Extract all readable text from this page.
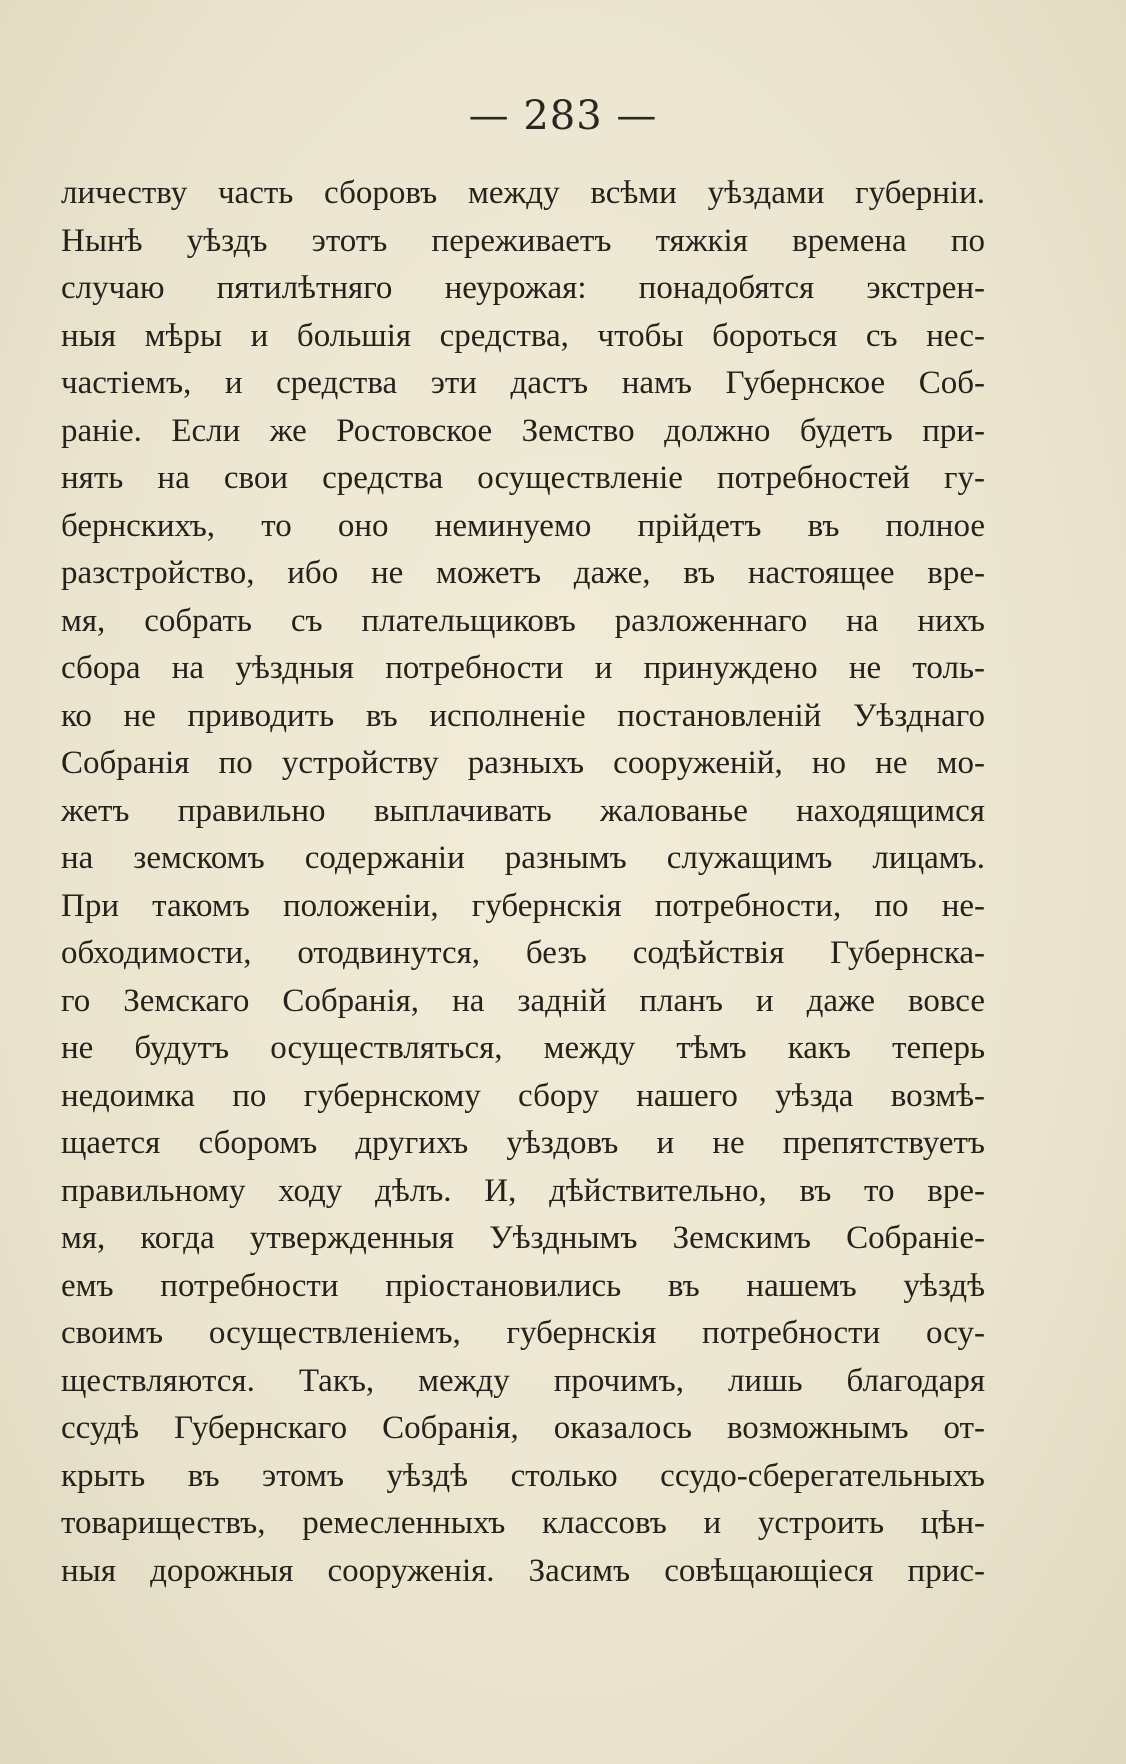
— 283 —
личеству часть сборовъ между всѣми уѣздами губерніи.
Нынѣ уѣздъ этотъ переживаетъ тяжкія времена по
случаю пятилѣтняго неурожая: понадобятся экстрен-
ныя мѣры и большія средства, чтобы бороться съ нес-
частіемъ, и средства эти дастъ намъ Губернское Соб-
раніе. Если же Ростовское Земство должно будетъ при-
нять на свои средства осуществленіе потребностей гу-
бернскихъ, то оно неминуемо прійдетъ въ полное
разстройство, ибо не можетъ даже, въ настоящее вре-
мя, собрать съ плательщиковъ разложеннаго на нихъ
сбора на уѣздныя потребности и принуждено не толь-
ко не приводить въ исполненіе постановленій Уѣзднаго
Собранія по устройству разныхъ сооруженій, но не мо-
жетъ правильно выплачивать жалованье находящимся
на земскомъ содержаніи разнымъ служащимъ лицамъ.
При такомъ положеніи, губернскія потребности, по не-
обходимости, отодвинутся, безъ содѣйствія Губернска-
го Земскаго Собранія, на задній планъ и даже вовсе
не будутъ осуществляться, между тѣмъ какъ теперь
недоимка по губернскому сбору нашего уѣзда возмѣ-
щается сборомъ другихъ уѣздовъ и не препятствуетъ
правильному ходу дѣлъ. И, дѣйствительно, въ то вре-
мя, когда утвержденныя Уѣзднымъ Земскимъ Собраніе-
емъ потребности пріостановились въ нашемъ уѣздѣ
своимъ осуществленіемъ, губернскія потребности осу-
ществляются. Такъ, между прочимъ, лишь благодаря
ссудѣ Губернскаго Собранія, оказалось возможнымъ от-
крыть въ этомъ уѣздѣ столько ссудо-сберегательныхъ
товариществъ, ремесленныхъ классовъ и устроить цѣн-
ныя дорожныя сооруженія. Засимъ совѣщающіеся прис-
